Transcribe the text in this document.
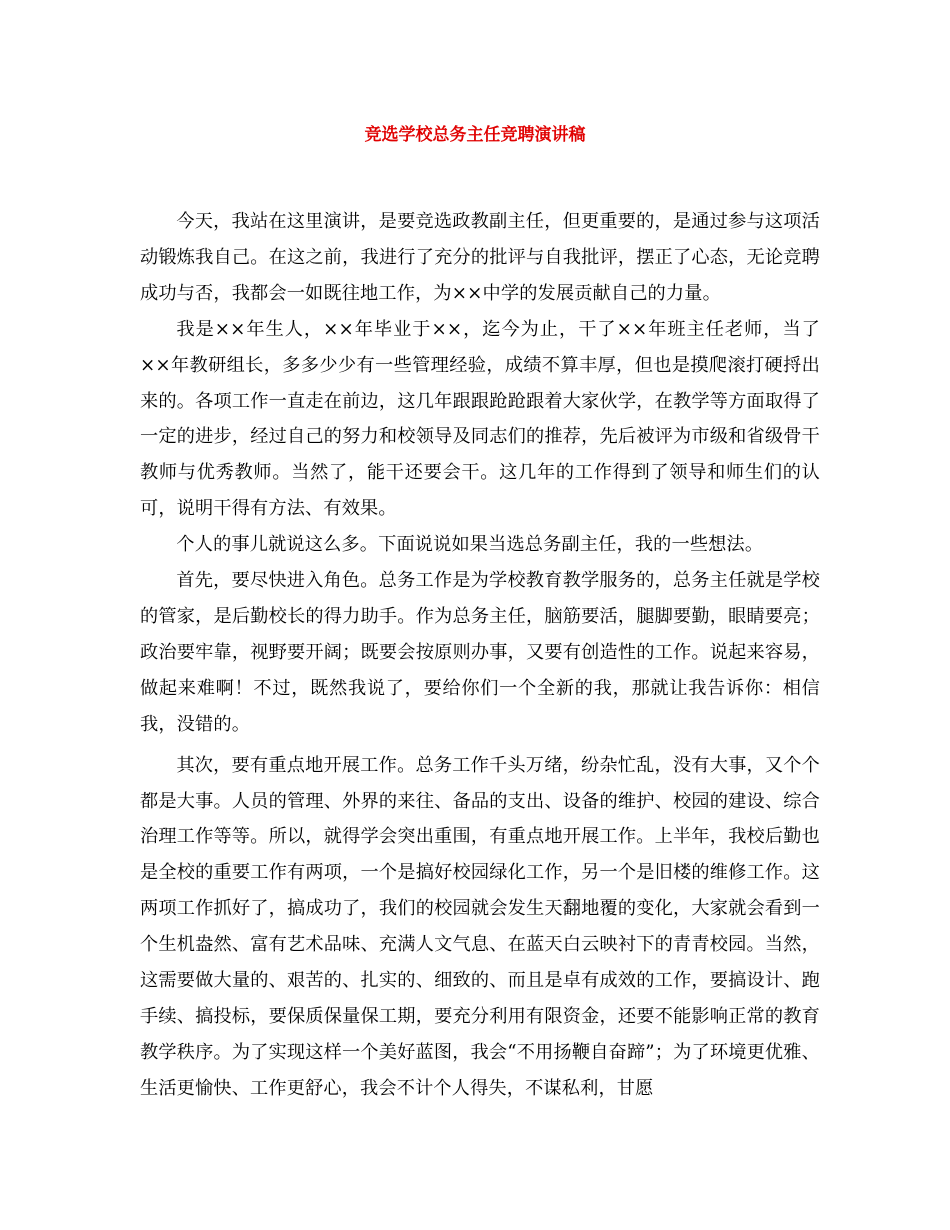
竞选学校总务主任竞聘演讲稿

今天，我站在这里演讲，是要竞选政教副主任，但更重要的，是通过参与这项活动锻炼我自己。在这之前，我进行了充分的批评与自我批评，摆正了心态，无论竞聘成功与否，我都会一如既往地工作，为××中学的发展贡献自己的力量。

我是××年生人，××年毕业于××，迄今为止，干了××年班主任老师，当了××年教研组长，多多少少有一些管理经验，成绩不算丰厚，但也是摸爬滚打硬捋出来的。各项工作一直走在前边，这几年跟跟跄跄跟着大家伙学，在教学等方面取得了一定的进步，经过自己的努力和校领导及同志们的推荐，先后被评为市级和省级骨干教师与优秀教师。当然了，能干还要会干。这几年的工作得到了领导和师生们的认可，说明干得有方法、有效果。

个人的事儿就说这么多。下面说说如果当选总务副主任，我的一些想法。

首先，要尽快进入角色。总务工作是为学校教育教学服务的，总务主任就是学校的管家，是后勤校长的得力助手。作为总务主任，脑筋要活，腿脚要勤，眼睛要亮；政治要牢靠，视野要开阔；既要会按原则办事，又要有创造性的工作。说起来容易，做起来难啊！不过，既然我说了，要给你们一个全新的我，那就让我告诉你：相信我，没错的。

其次，要有重点地开展工作。总务工作千头万绪，纷杂忙乱，没有大事，又个个都是大事。人员的管理、外界的来往、备品的支出、设备的维护、校园的建设、综合治理工作等等。所以，就得学会突出重围，有重点地开展工作。上半年，我校后勤也是全校的重要工作有两项，一个是搞好校园绿化工作，另一个是旧楼的维修工作。这两项工作抓好了，搞成功了，我们的校园就会发生天翻地覆的变化，大家就会看到一个生机盎然、富有艺术品味、充满人文气息、在蓝天白云映衬下的青青校园。当然，这需要做大量的、艰苦的、扎实的、细致的、而且是卓有成效的工作，要搞设计、跑手续、搞投标，要保质保量保工期，要充分利用有限资金，还要不能影响正常的教育教学秩序。为了实现这样一个美好蓝图，我会“不用扬鞭自奋蹄”；为了环境更优雅、生活更愉快、工作更舒心，我会不计个人得失，不谋私利，甘愿
